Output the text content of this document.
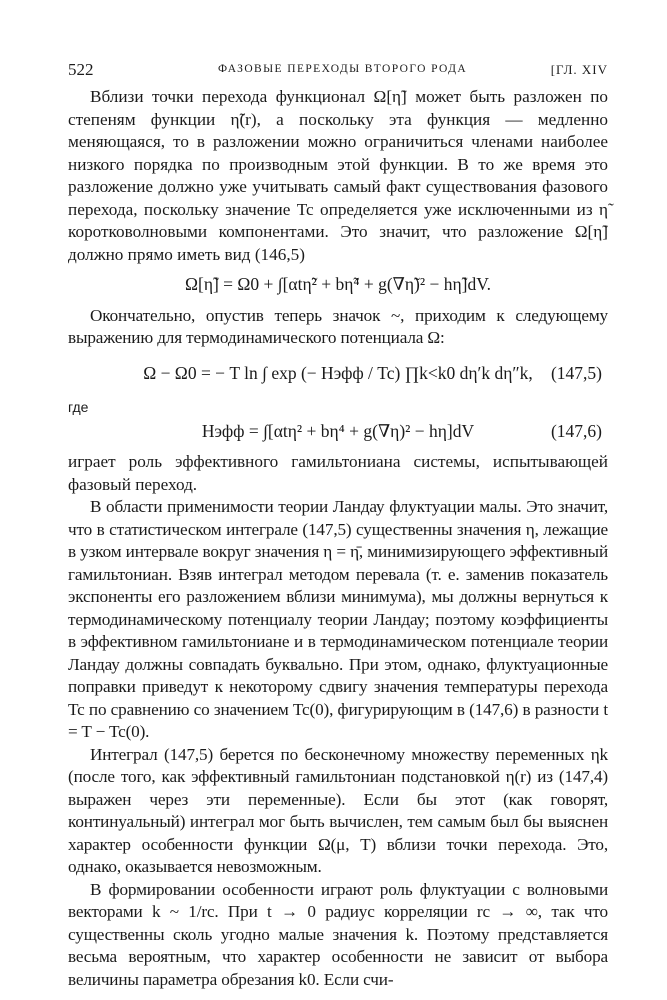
522	ФАЗОВЫЕ ПЕРЕХОДЫ ВТОРОГО РОДА	[ГЛ. XIV

Вблизи точки перехода функционал Ω[η̃] может быть разложен по степеням функции η̃(r), а поскольку эта функция — медленно меняющаяся, то в разложении можно ограничиться членами наиболее низкого порядка по производным этой функции. В то же время это разложение должно уже учитывать самый факт существования фазового перехода, поскольку значение Tc определяется уже исключенными из η̃ коротковолновыми компонентами. Это значит, что разложение Ω[η̃] должно прямо иметь вид (146,5)

Ω[η̃] = Ω0 + ∫[αtη̃² + bη̃⁴ + g(∇η̃)² − hη̃]dV.

Окончательно, опустив теперь значок ~, приходим к следующему выражению для термодинамического потенциала Ω:

Ω − Ω0 = − T ln ∫ exp (− Hэфф / Tc) ∏k<k0 dη′k dη″k, (147,5)

где

Hэфф = ∫[αtη² + bη⁴ + g(∇η)² − hη]dV	(147,6)

играет роль эффективного гамильтониана системы, испытывающей фазовый переход.

В области применимости теории Ландау флуктуации малы. Это значит, что в статистическом интеграле (147,5) существенны значения η, лежащие в узком интервале вокруг значения η = η̄, минимизирующего эффективный гамильтониан. Взяв интеграл методом перевала (т. е. заменив показатель экспоненты его разложением вблизи минимума), мы должны вернуться к термодинамическому потенциалу теории Ландау; поэтому коэффициенты в эффективном гамильтониане и в термодинамическом потенциале теории Ландау должны совпадать буквально. При этом, однако, флуктуационные поправки приведут к некоторому сдвигу значения температуры перехода Tc по сравнению со значением Tc(0), фигурирующим в (147,6) в разности t = T − Tc(0).

Интеграл (147,5) берется по бесконечному множеству переменных ηk (после того, как эффективный гамильтониан подстановкой η(r) из (147,4) выражен через эти переменные). Если бы этот (как говорят, континуальный) интеграл мог быть вычислен, тем самым был бы выяснен характер особенности функции Ω(μ, T) вблизи точки перехода. Это, однако, оказывается невозможным.

В формировании особенности играют роль флуктуации с волновыми векторами k ~ 1/rc. При t → 0 радиус корреляции rc → ∞, так что существенны сколь угодно малые значения k. Поэтому представляется весьма вероятным, что характер особенности не зависит от выбора величины параметра обрезания k0. Если счи-
